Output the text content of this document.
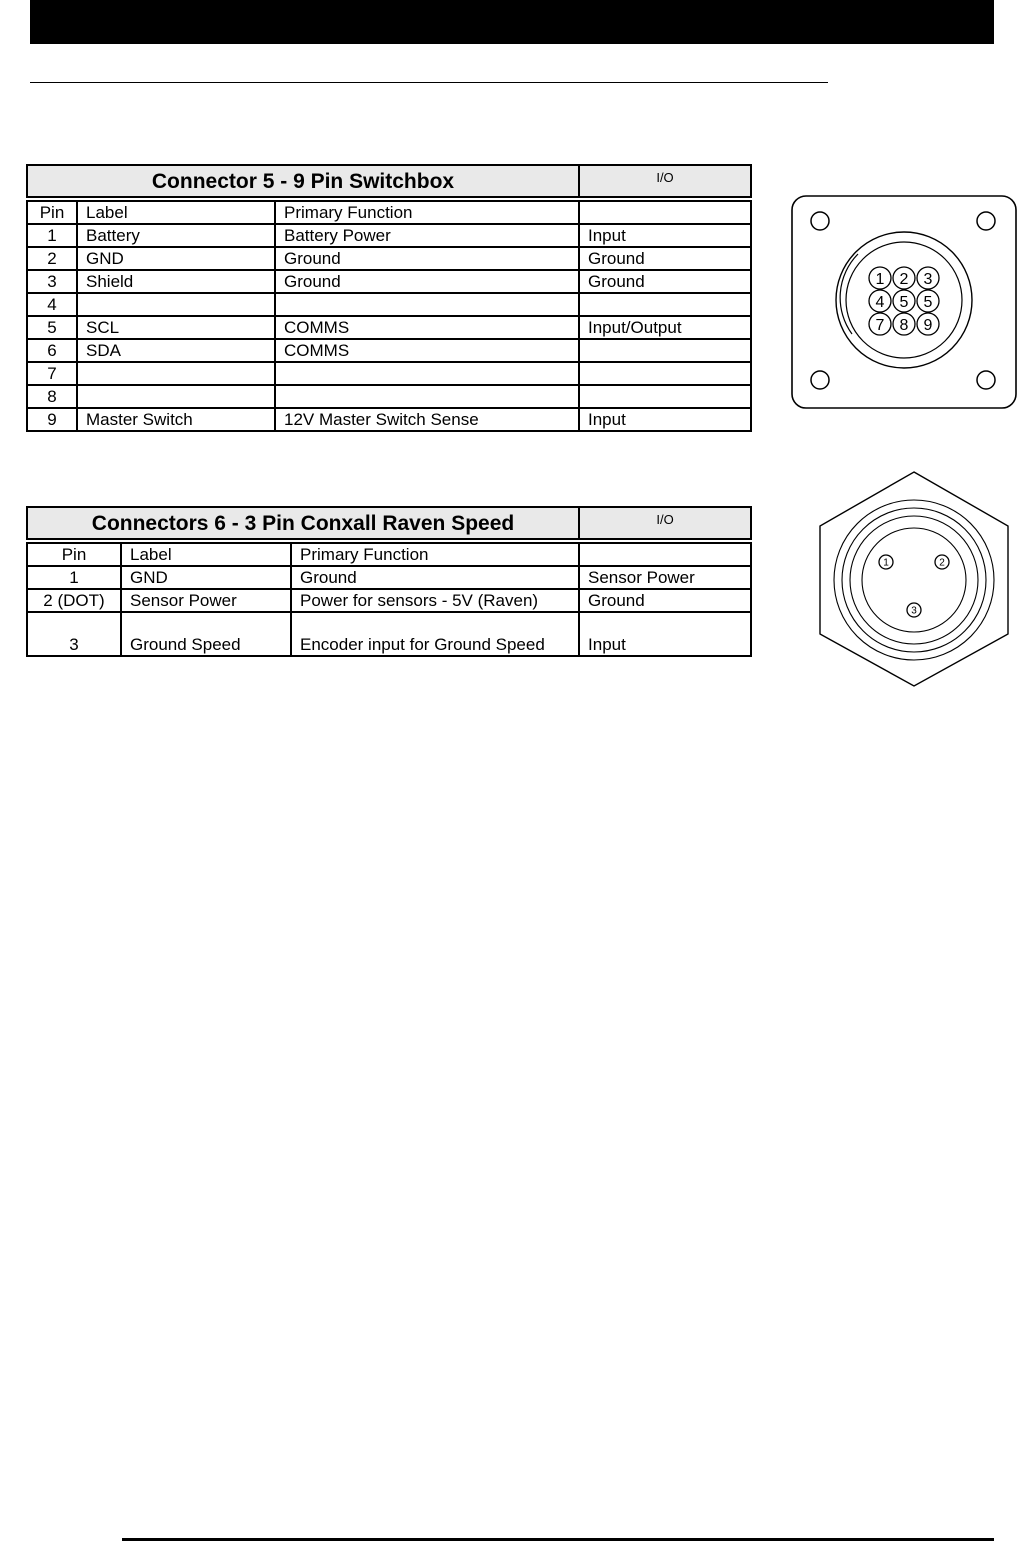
Connector 5 - 9 Pin Switchbox			I/O

Pin	Label	Primary Function	
1	Battery	Battery Power	Input
2	GND	Ground	Ground
3	Shield	Ground	Ground
4			
5	SCL	COMMS	Input/Output
6	SDA	COMMS	
7			
8			
9	Master Switch	12V Master Switch Sense	Input
Connectors 6 - 3 Pin Conxall Raven Speed			I/O

Pin	Label	Primary Function	
1	GND	Ground	Sensor Power
2 (DOT)	Sensor Power	Power for sensors - 5V (Raven)	Ground
3	Ground Speed	Encoder input for Ground Speed	Input
1 2 3
4 5 5
7 8 9
1	2
3
